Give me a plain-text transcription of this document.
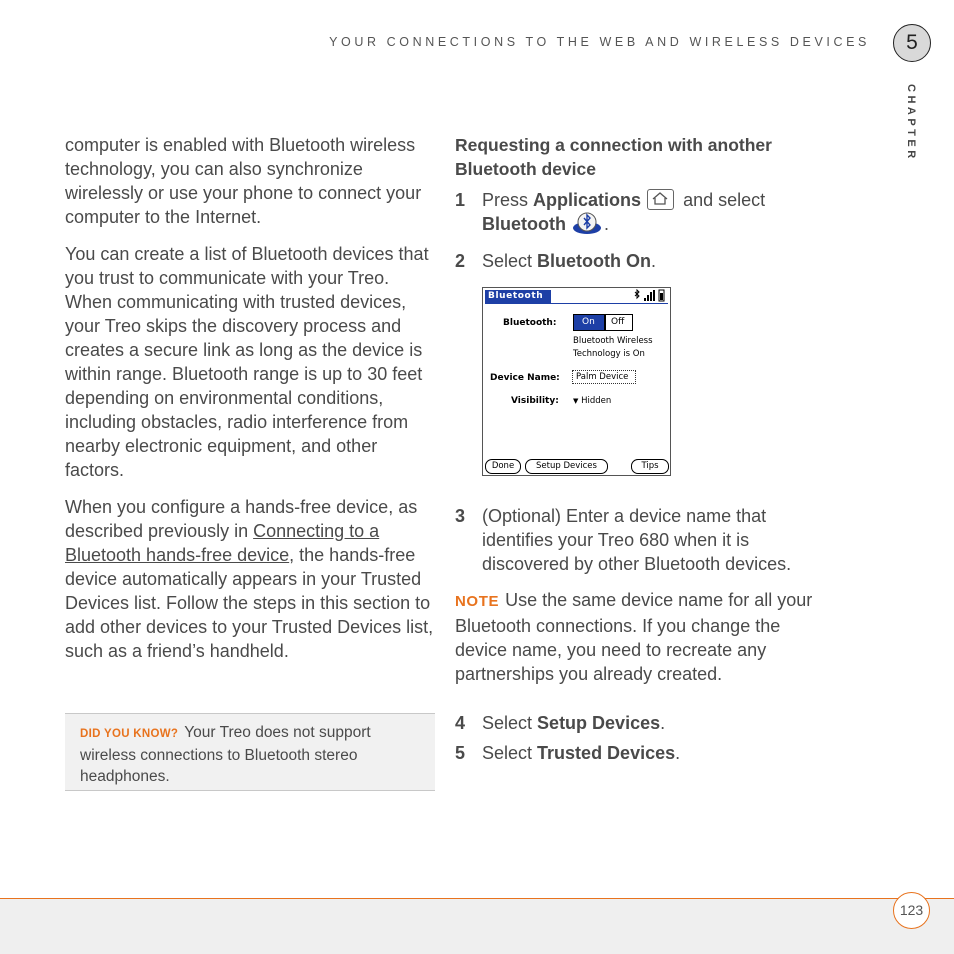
YOUR CONNECTIONS TO THE WEB AND WIRELESS DEVICES	5
CHAPTER

computer is enabled with Bluetooth wireless technology, you can also synchronize wirelessly or use your phone to connect your computer to the Internet.

You can create a list of Bluetooth devices that you trust to communicate with your Treo. When communicating with trusted devices, your Treo skips the discovery process and creates a secure link as long as the device is within range. Bluetooth range is up to 30 feet depending on environmental conditions, including obstacles, radio interference from nearby electronic equipment, and other factors.

When you configure a hands-free device, as described previously in Connecting to a Bluetooth hands-free device, the hands-free device automatically appears in your Trusted Devices list. Follow the steps in this section to add other devices to your Trusted Devices list, such as a friend’s handheld.

DID YOU KNOW? Your Treo does not support wireless connections to Bluetooth stereo headphones.
Requesting a connection with another Bluetooth device
1 Press Applications and select
Bluetooth .
2 Select Bluetooth On.
3 (Optional) Enter a device name that identifies your Treo 680 when it is discovered by other Bluetooth devices.
NOTE Use the same device name for all your Bluetooth connections. If you change the device name, you need to recreate any partnerships you already created.
4 Select Setup Devices.
5 Select Trusted Devices.
Bluetooth
Bluetooth:	On	Off
Bluetooth Wireless
Technology is On
Device Name:	Palm Device
Visibility: ▼ Hidden
Done	Setup Devices	Tips
123
